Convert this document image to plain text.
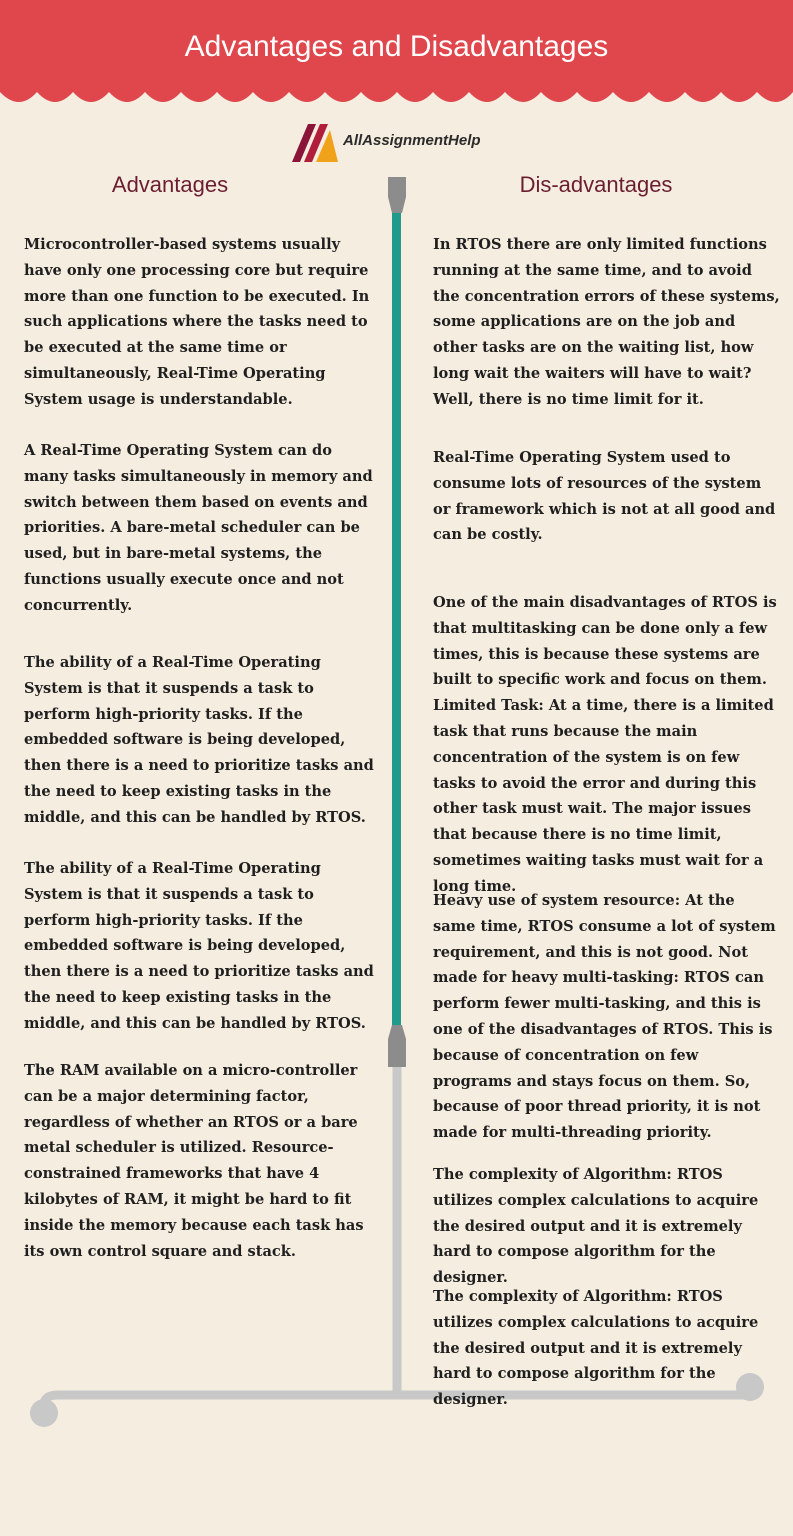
Advantages and Disadvantages
AllAssignmentHelp
Advantages	Dis-advantages

Microcontroller-based systems usually have only one processing core but require more than one function to be executed. In such applications where the tasks need to be executed at the same time or simultaneously, Real-Time Operating System usage is understandable.

A Real-Time Operating System can do many tasks simultaneously in memory and switch between them based on events and priorities. A bare-metal scheduler can be used, but in bare-metal systems, the functions usually execute once and not concurrently.

The ability of a Real-Time Operating System is that it suspends a task to perform high-priority tasks. If the embedded software is being developed, then there is a need to prioritize tasks and the need to keep existing tasks in the middle, and this can be handled by RTOS.

The ability of a Real-Time Operating System is that it suspends a task to perform high-priority tasks. If the embedded software is being developed, then there is a need to prioritize tasks and the need to keep existing tasks in the middle, and this can be handled by RTOS.

The RAM available on a micro-controller can be a major determining factor, regardless of whether an RTOS or a bare metal scheduler is utilized. Resource-constrained frameworks that have 4 kilobytes of RAM, it might be hard to fit inside the memory because each task has its own control square and stack.

In RTOS there are only limited functions running at the same time, and to avoid the concentration errors of these systems, some applications are on the job and other tasks are on the waiting list, how long wait the waiters will have to wait? Well, there is no time limit for it.

Real-Time Operating System used to consume lots of resources of the system or framework which is not at all good and can be costly.

One of the main disadvantages of RTOS is that multitasking can be done only a few times, this is because these systems are built to specific work and focus on them. Limited Task: At a time, there is a limited task that runs because the main concentration of the system is on few tasks to avoid the error and during this other task must wait. The major issues that because there is no time limit, sometimes waiting tasks must wait for a long time.

Heavy use of system resource: At the same time, RTOS consume a lot of system requirement, and this is not good. Not made for heavy multi-tasking: RTOS can perform fewer multi-tasking, and this is one of the disadvantages of RTOS. This is because of concentration on few programs and stays focus on them. So, because of poor thread priority, it is not made for multi-threading priority.

The complexity of Algorithm: RTOS utilizes complex calculations to acquire the desired output and it is extremely hard to compose algorithm for the designer.

The complexity of Algorithm: RTOS utilizes complex calculations to acquire the desired output and it is extremely hard to compose algorithm for the designer.
